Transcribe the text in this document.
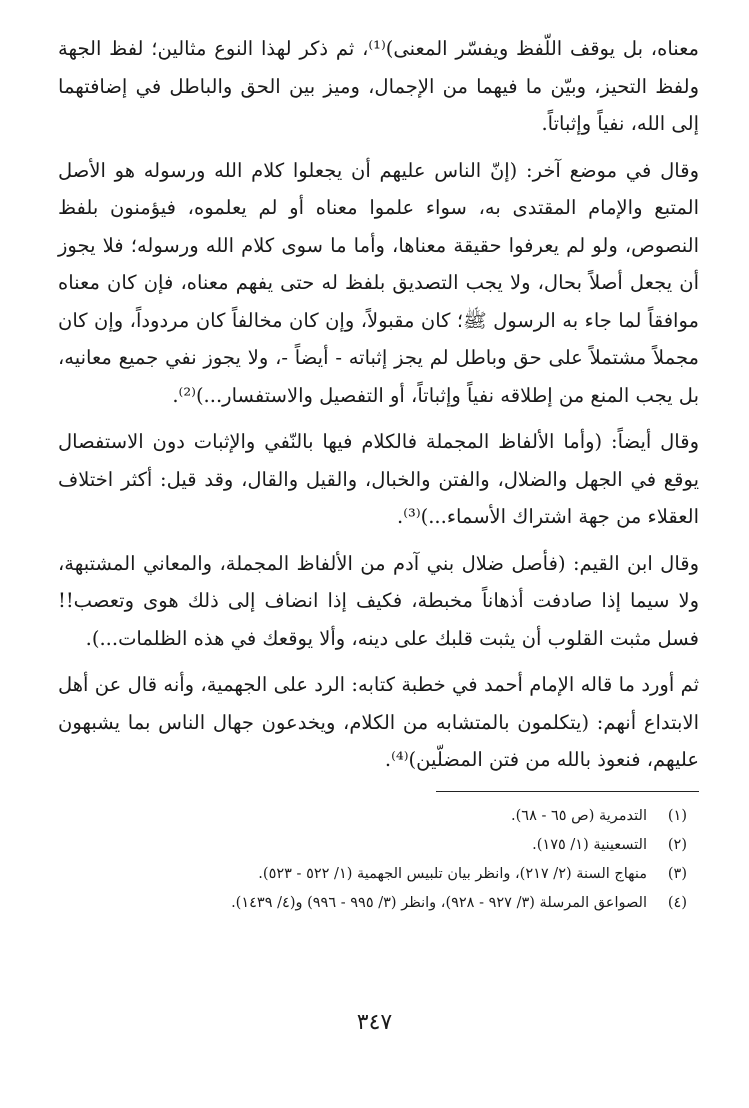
معناه، بل يوقف اللّفظ ويفسّر المعنى)⁽¹⁾، ثم ذكر لهذا النوع مثالين؛ لفظ الجهة ولفظ التحيز، وبيّن ما فيهما من الإجمال، وميز بين الحق والباطل في إضافتهما إلى الله، نفياً وإثباتاً.

وقال في موضع آخر: (إنّ الناس عليهم أن يجعلوا كلام الله ورسوله هو الأصل المتبع والإمام المقتدى به، سواء علموا معناه أو لم يعلموه، فيؤمنون بلفظ النصوص، ولو لم يعرفوا حقيقة معناها، وأما ما سوى كلام الله ورسوله؛ فلا يجوز أن يجعل أصلاً بحال، ولا يجب التصديق بلفظ له حتى يفهم معناه، فإن كان معناه موافقاً لما جاء به الرسول ﷺ؛ كان مقبولاً، وإن كان مخالفاً كان مردوداً، وإن كان مجملاً مشتملاً على حق وباطل لم يجز إثباته - أيضاً -، ولا يجوز نفي جميع معانيه، بل يجب المنع من إطلاقه نفياً وإثباتاً، أو التفصيل والاستفسار...)⁽²⁾.

وقال أيضاً: (وأما الألفاظ المجملة فالكلام فيها بالنّفي والإثبات دون الاستفصال يوقع في الجهل والضلال، والفتن والخبال، والقيل والقال، وقد قيل: أكثر اختلاف العقلاء من جهة اشتراك الأسماء...)⁽³⁾.

وقال ابن القيم: (فأصل ضلال بني آدم من الألفاظ المجملة، والمعاني المشتبهة، ولا سيما إذا صادفت أذهاناً مخبطة، فكيف إذا انضاف إلى ذلك هوى وتعصب!! فسل مثبت القلوب أن يثبت قلبك على دينه، وألا يوقعك في هذه الظلمات...).

ثم أورد ما قاله الإمام أحمد في خطبة كتابه: الرد على الجهمية، وأنه قال عن أهل الابتداع أنهم: (يتكلمون بالمتشابه من الكلام، ويخدعون جهال الناس بما يشبهون عليهم، فنعوذ بالله من فتن المضلّين)⁽⁴⁾.

(١)التدمرية (ص ٦٥ - ٦٨).

(٢)التسعينية (١/ ١٧٥).

(٣)منهاج السنة (٢/ ٢١٧)، وانظر بيان تلبيس الجهمية (١/ ٥٢٢ - ٥٢٣).

(٤)الصواعق المرسلة (٣/ ٩٢٧ - ٩٢٨)، وانظر (٣/ ٩٩٥ - ٩٩٦) و(٤/ ١٤٣٩).

٣٤٧
